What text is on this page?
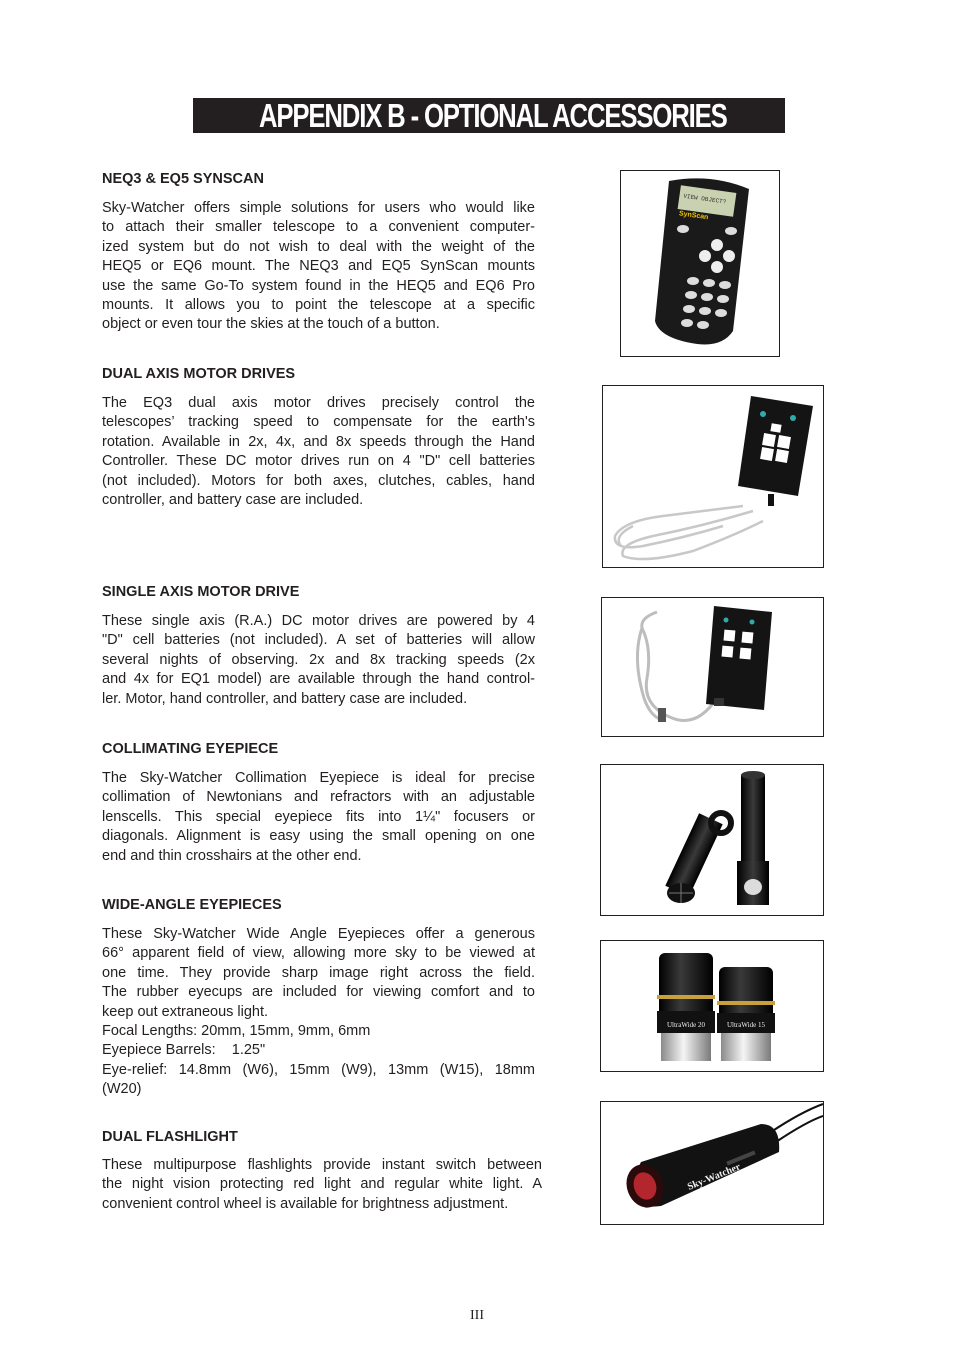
APPENDIX B - OPTIONAL ACCESSORIES
NEQ3 & EQ5 SYNSCAN
Sky-Watcher offers simple solutions for users who would like
to attach their smaller telescope to a convenient computer-
ized system but do not wish to deal with the weight of the
HEQ5 or EQ6 mount. The NEQ3 and EQ5 SynScan mounts
use the same Go-To system found in the HEQ5 and EQ6 Pro
mounts. It allows you to point the telescope at a specific
object or even tour the skies at the touch of a button.
DUAL AXIS MOTOR DRIVES
The EQ3 dual axis motor drives precisely control the
telescopes’ tracking speed to compensate for the earth's
rotation. Available in 2x, 4x, and 8x speeds through the Hand
Controller. These DC motor drives run on 4 "D" cell batteries
(not included). Motors for both axes, clutches, cables, hand
controller, and battery case are included.
SINGLE AXIS MOTOR DRIVE
These single axis (R.A.) DC motor drives are powered by 4
"D" cell batteries (not included). A set of batteries will allow
several nights of observing. 2x and 8x tracking speeds (2x
and 4x for EQ1 model) are available through the hand control-
ler. Motor, hand controller, and battery case are included.
COLLIMATING EYEPIECE
The Sky-Watcher Collimation Eyepiece is ideal for precise
collimation of Newtonians and refractors with an adjustable
lenscells. This special eyepiece fits into 1¼" focusers or
diagonals. Alignment is easy using the small opening on one
end and thin crosshairs at the other end.
WIDE-ANGLE EYEPIECES
These Sky-Watcher Wide Angle Eyepieces offer a generous
66° apparent field of view, allowing more sky to be viewed at
one time. They provide sharp image right across the field.
The rubber eyecups are included for viewing comfort and to
keep out extraneous light.
Focal Lengths: 20mm, 15mm, 9mm, 6mm
Eyepiece Barrels:    1.25"
Eye-relief: 14.8mm (W6), 15mm (W9), 13mm (W15), 18mm
(W20)
DUAL FLASHLIGHT
These multipurpose flashlights provide instant switch between
the night vision protecting red light and regular white light. A
convenient control wheel is available for brightness adjustment.
VIEW OBJECT?
SynScan
UltraWide 20	UltraWide 15
Sky-Watcher
III
